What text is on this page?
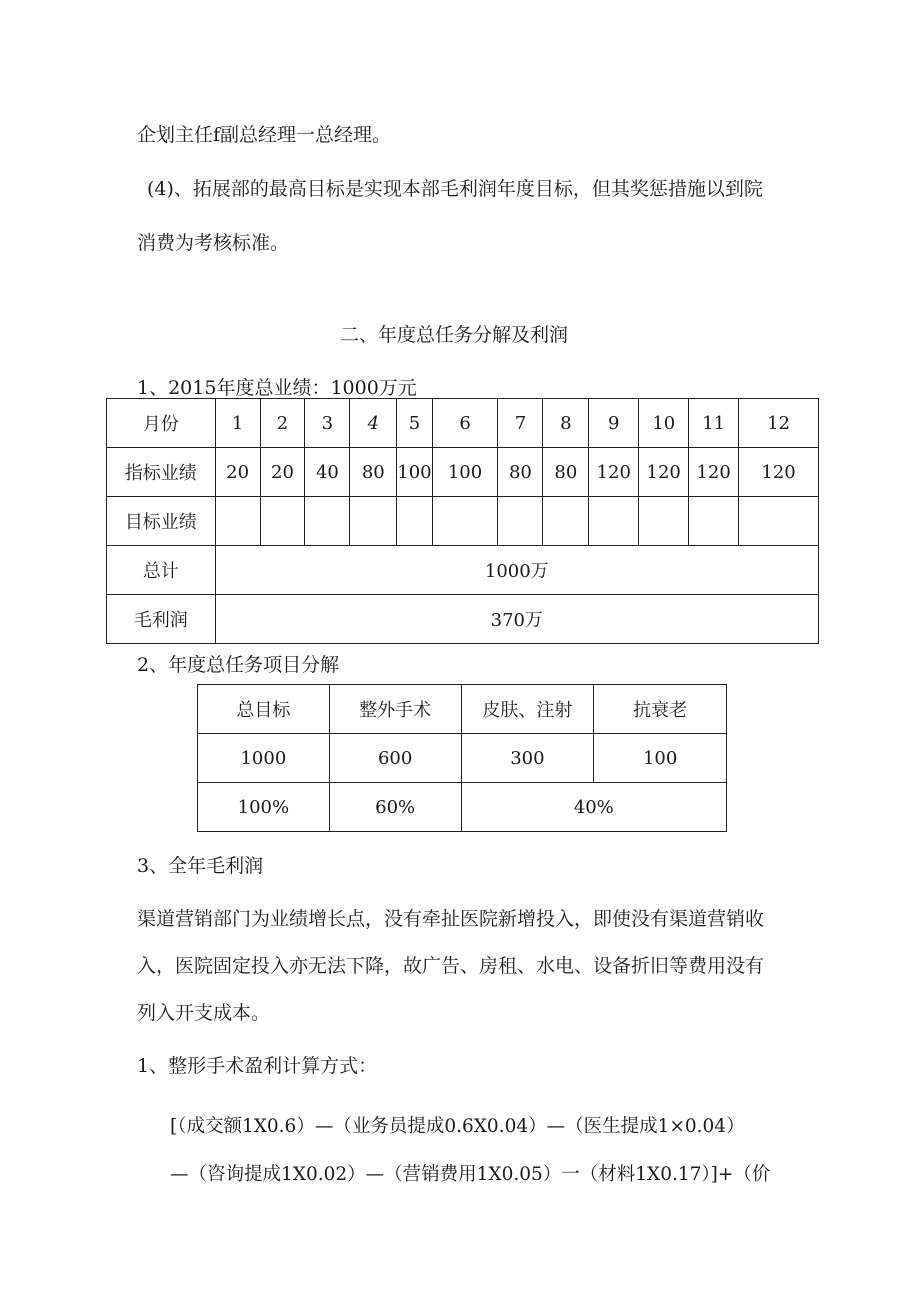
企划主任f副总经理一总经理。
(4)、拓展部的最高目标是实现本部毛利润年度目标，但其奖惩措施以到院
消费为考核标准。
二、年度总任务分解及利润
1、2015年度总业绩：1000万元
月份	1	2	3	4	5	6	7	8	9	10	11	12
指标业绩	20	20	40	80	100	100	80	80	120	120	120	120
目标业绩												
总计	1000万											
毛利润	370万											
2、年度总任务项目分解
总目标	整外手术	皮肤、注射	抗衰老
1000	600	300	100
100%	60%	40%	
3、全年毛利润
渠道营销部门为业绩增长点，没有牵扯医院新增投入，即使没有渠道营销收
入，医院固定投入亦无法下降，故广告、房租、水电、设备折旧等费用没有
列入开支成本。
1、整形手术盈利计算方式：
[（成交额1X0.6）—（业务员提成0.6X0.04）—（医生提成1×0.04）
—（咨询提成1X0.02）—（营销费用1X0.05）一（材料1X0.17）]+（价
